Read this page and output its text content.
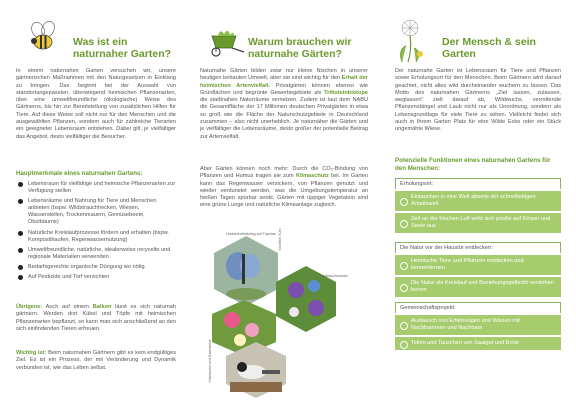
Was ist ein naturnaher Garten?
In einem naturnahen Garten versuchen wir, unsere gärtnerischen Maßnahmen mit den Naturgesetzen in Einklang zu bringen. Das beginnt bei der Auswahl von standortangepassten, überwiegend heimischen Pflanzenarten, über eine umweltfreundliche (ökologische) Weise des Gärtnerns, bis hin zur Bereitstellung von zusätzlichen Hilfen für Tiere. Auf diese Weise soll nicht nur für den Menschen und die ausgewählten Pflanzen, sondern auch für zahlreiche Tierarten ein geeigneter Lebensraum entstehen. Dabei gilt, je vielfältiger das Angebot, desto vielfältiger die Besucher.
Hauptmerkmale eines naturnahen Gartens:
Lebensraum für vielfältige und heimische Pflanzenarten zur Verfügung stellen
Lebensräume und Nahrung für Tiere und Menschen anbieten (bspw. Wildstrauchhecken, Wiesen, Wasserstellen, Trockenmauern, Gemüsebeete, Obstbäume)
Natürliche Kreislaufprozesse fördern und erhalten (bspw. Kompostihaufen, Regenwassernutzung)
Umweltfreundliche, natürliche, idealerweise recycelte und regionale Materialien verwenden
Bedarfsgerechte organische Düngung wo nötig
Auf Pestizide und Torf verzichten
Übrigens: Auch auf einem Balkon lässt es sich naturnah gärtnern. Werden dort Kübel und Töpfe mit heimischen Pflanzenarten bepflanzt, so kann man sich anschließend an den sich einfindenden Tieren erfreuen.
Wichtig ist: Beim naturnahen Gärtnern gibt es kein endgültiges Ziel. Es ist ein Prozess, der mit Veränderung und Dynamik verbunden ist, wie das Leben selbst.
Warum brauchen wir naturnahe Gärten?
Naturnahe Gärten bilden zwar nur kleine Nischen in unserer heutigen bebauten Umwelt, aber sie sind wichtig für den Erhalt der heimischen Artenvielfalt. Privatgärten können ebenso wie Grünflächen und begrünte Gewerbegebiete als Trittsteinbiotope die stadtnahen Naturräume vernetzen. Zudem ist laut dem NABU die Gesamtfläche der 17 Millionen deutschen Privatgärten in etwa so groß wie die Fläche der Naturschutzgebiete in Deutschland zusammen – also nicht unerheblich. Je naturnäher die Gärten und je vielfältiger die Lebensräume, desto größer der potentielle Beitrag zur Artenvielfalt.
Aber Gärten können noch mehr: Durch die CO₂-Bindung von Pflanzen und Humus tragen sie zum Klimaschutz bei. Im Garten kann das Regenwasser versickern, von Pflanzen genutzt und wieder verdunstet werden, was die Umgebungstemperatur an heißen Tagen spürbar senkt. Gärten mit üppiger Vegetation sind eine grüne Lunge und natürliche Klimaanlage zugleich.
Hauhechelbläuling auf Thymian Nordlich Sum
Knoblauchsrauke
Hainbuche und Bachstelze
Der Mensch & sein Garten
Der naturnahe Garten ist Lebensraum für Tiere und Pflanzen sowie Erholungsort für den Menschen. Beim Gärtnern wird darauf geachtet, nicht alles wild durcheinander wuchern zu lassen. Das Motto des naturnahen Gärtnerns „Ziel lassen, zulassen, weglassen" zielt darauf ab, Wildwuchs, verrottende Pflanzenstängel und Laub nicht nur als Unordnung, sondern als Lebensgrundlage für viele Tiere zu sehen. Vielleicht findet sich auch in Ihrem Garten Platz für eine Wilde Ecke oder ein Stück ungemähte Wiese.
Potenzielle Funktionen eines naturnahen Gartens für den Menschen:
Erholungsort:
Eintauchen in eine Welt abseits der schnelllebigen Arbeitswelt
Zeit an der frischen Luft wirkt sich positiv auf Körper und Seele aus
Die Natur vor der Haustür entdecken:
Heimische Tiere und Pflanzen entdecken und kennenlernen
Die Natur als Kreislauf und Beziehungsgeflecht verstehen lernen
Gemeinschaftsprojekt:
Austausch von Erfahrungen und Wissen mit Nachbarinnen und Nachbarn
Teilen und Tauschen von Saatgut und Ernte
